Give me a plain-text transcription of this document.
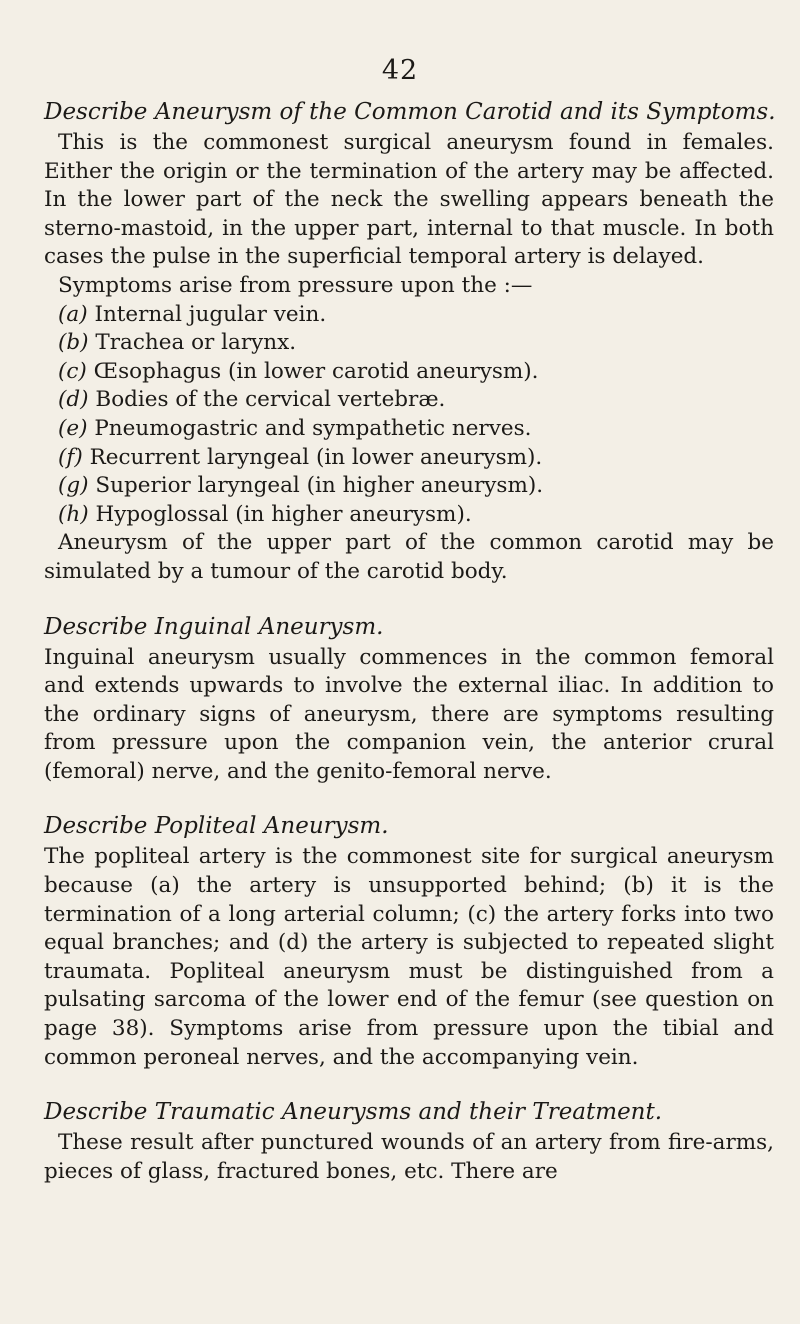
42

Describe Aneurysm of the Common Carotid and its Symptoms.

This is the commonest surgical aneurysm found in females. Either the origin or the termination of the artery may be affected. In the lower part of the neck the swelling appears beneath the sterno-mastoid, in the upper part, internal to that muscle. In both cases the pulse in the superficial temporal artery is delayed.

Symptoms arise from pressure upon the :—

(a) Internal jugular vein.
(b) Trachea or larynx.
(c) Œsophagus (in lower carotid aneurysm).
(d) Bodies of the cervical vertebræ.
(e) Pneumogastric and sympathetic nerves.
(f) Recurrent laryngeal (in lower aneurysm).
(g) Superior laryngeal (in higher aneurysm).
(h) Hypoglossal (in higher aneurysm).

Aneurysm of the upper part of the common carotid may be simulated by a tumour of the carotid body.

Describe Inguinal Aneurysm.

Inguinal aneurysm usually commences in the common femoral and extends upwards to involve the external iliac. In addition to the ordinary signs of aneurysm, there are symptoms resulting from pressure upon the companion vein, the anterior crural (femoral) nerve, and the genito-femoral nerve.

Describe Popliteal Aneurysm.

The popliteal artery is the commonest site for surgical aneurysm because (a) the artery is unsupported behind; (b) it is the termination of a long arterial column; (c) the artery forks into two equal branches; and (d) the artery is subjected to repeated slight traumata. Popliteal aneurysm must be distinguished from a pulsating sarcoma of the lower end of the femur (see question on page 38). Symptoms arise from pressure upon the tibial and common peroneal nerves, and the accompanying vein.

Describe Traumatic Aneurysms and their Treatment.

These result after punctured wounds of an artery from fire-arms, pieces of glass, fractured bones, etc. There are
